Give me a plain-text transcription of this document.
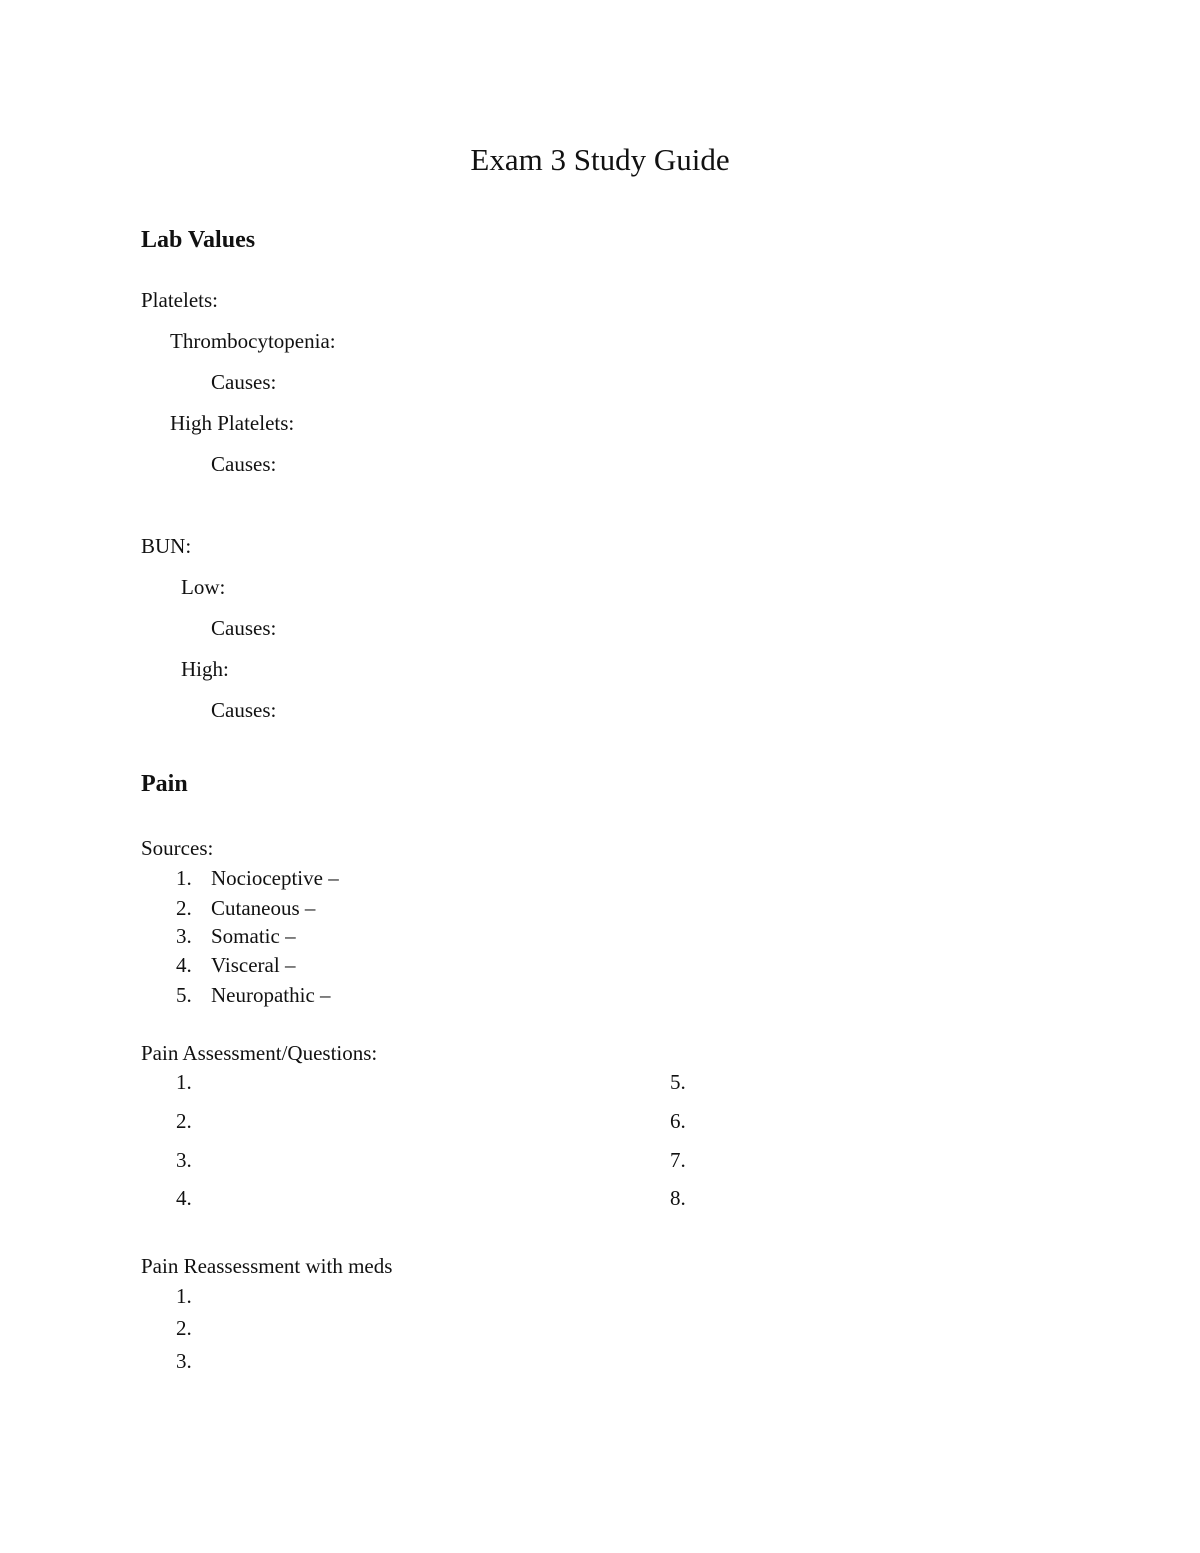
Exam 3 Study Guide
Lab Values
Platelets:
Thrombocytopenia:
Causes:
High Platelets:
Causes:
BUN:
Low:
Causes:
High:
Causes:
Pain
Sources:
1. Nocioceptive –
2. Cutaneous –
3. Somatic –
4. Visceral –
5. Neuropathic –
Pain Assessment/Questions:
1.
2.
3.
4.
5.
6.
7.
8.
Pain Reassessment with meds
1.
2.
3.
